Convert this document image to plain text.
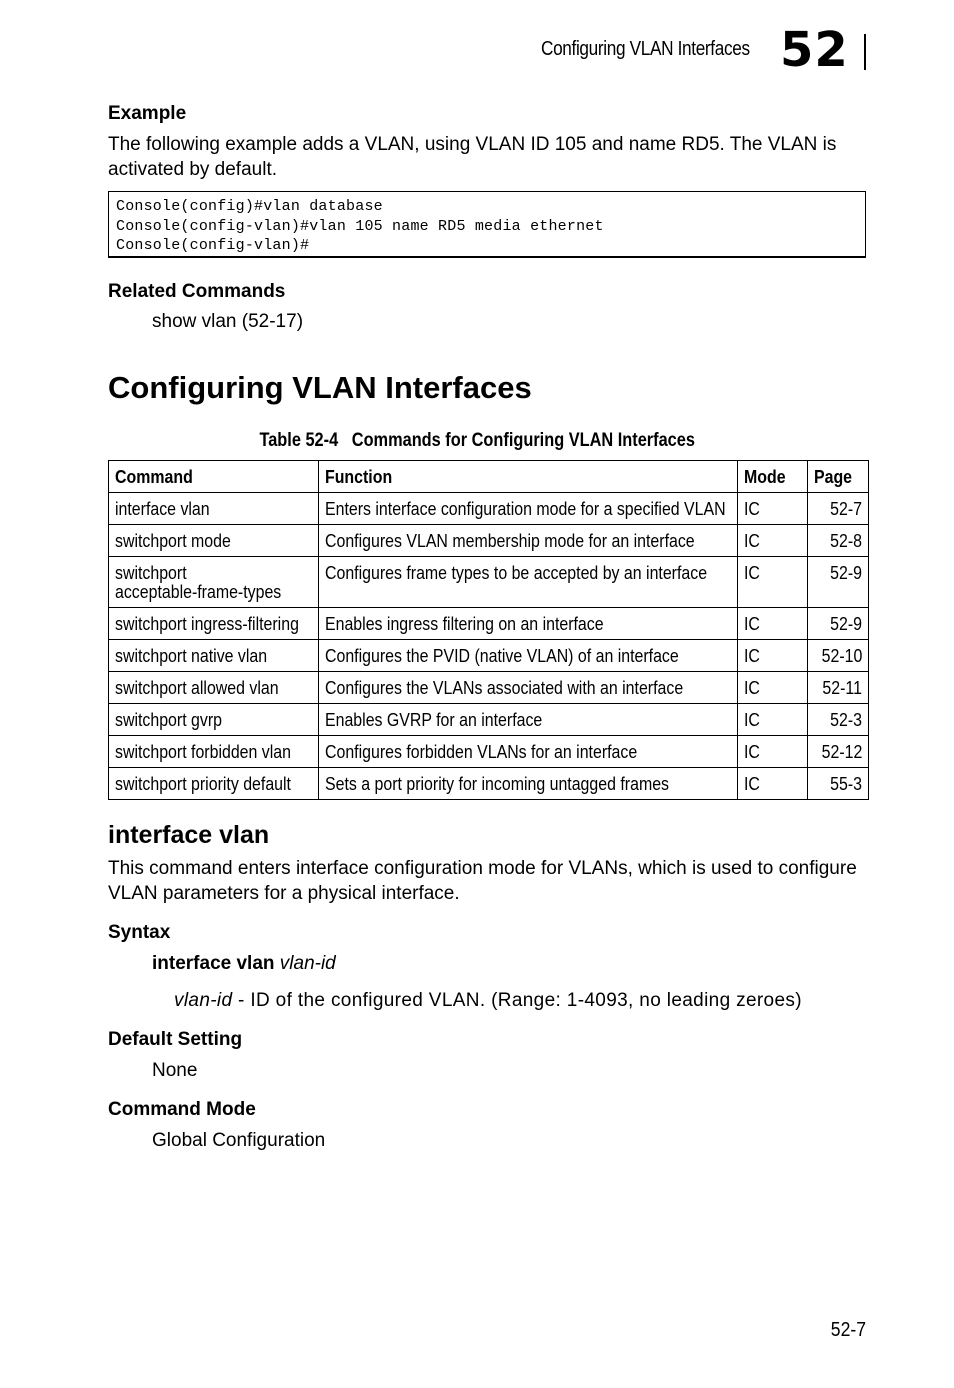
Configuring VLAN Interfaces 52
Example
The following example adds a VLAN, using VLAN ID 105 and name RD5. The VLAN is activated by default.
Console(config)#vlan database
Console(config-vlan)#vlan 105 name RD5 media ethernet
Console(config-vlan)#
Related Commands
show vlan (52-17)
Configuring VLAN Interfaces
Table 52-4   Commands for Configuring VLAN Interfaces
Command	Function	Mode	Page
interface vlan	Enters interface configuration mode for a specified VLAN	IC	52-7
switchport mode	Configures VLAN membership mode for an interface	IC	52-8
switchport
acceptable-frame-types	Configures frame types to be accepted by an interface	IC	52-9
switchport ingress-filtering	Enables ingress filtering on an interface	IC	52-9
switchport native vlan	Configures the PVID (native VLAN) of an interface	IC	52-10
switchport allowed vlan	Configures the VLANs associated with an interface	IC	52-11
switchport gvrp	Enables GVRP for an interface	IC	52-3
switchport forbidden vlan	Configures forbidden VLANs for an interface	IC	52-12
switchport priority default	Sets a port priority for incoming untagged frames	IC	55-3
interface vlan
This command enters interface configuration mode for VLANs, which is used to configure VLAN parameters for a physical interface.
Syntax
interface vlan vlan-id
vlan-id - ID of the configured VLAN. (Range: 1-4093, no leading zeroes)
Default Setting
None
Command Mode
Global Configuration
52-7
